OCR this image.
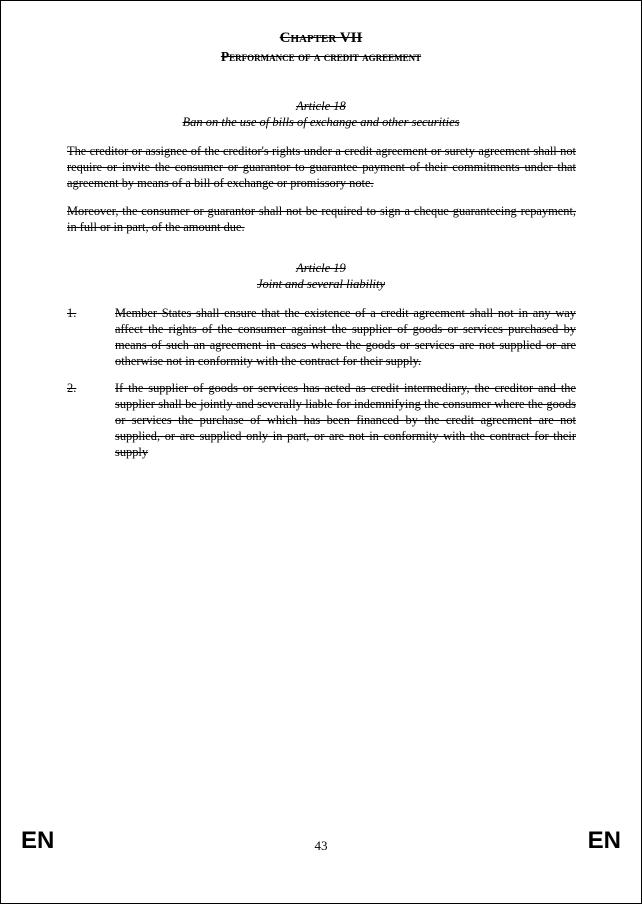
Chapter VII
Performance of a credit agreement
Article 18
Ban on the use of bills of exchange and other securities
The creditor or assignee of the creditor's rights under a credit agreement or surety agreement shall not require or invite the consumer or guarantor to guarantee payment of their commitments under that agreement by means of a bill of exchange or promissory note.
Moreover, the consumer or guarantor shall not be required to sign a cheque guaranteeing repayment, in full or in part, of the amount due.
Article 19
Joint and several liability
1.	Member States shall ensure that the existence of a credit agreement shall not in any way affect the rights of the consumer against the supplier of goods or services purchased by means of such an agreement in cases where the goods or services are not supplied or are otherwise not in conformity with the contract for their supply.
2.	If the supplier of goods or services has acted as credit intermediary, the creditor and the supplier shall be jointly and severally liable for indemnifying the consumer where the goods or services the purchase of which has been financed by the credit agreement are not supplied, or are supplied only in part, or are not in conformity with the contract for their supply
EN	43	EN
